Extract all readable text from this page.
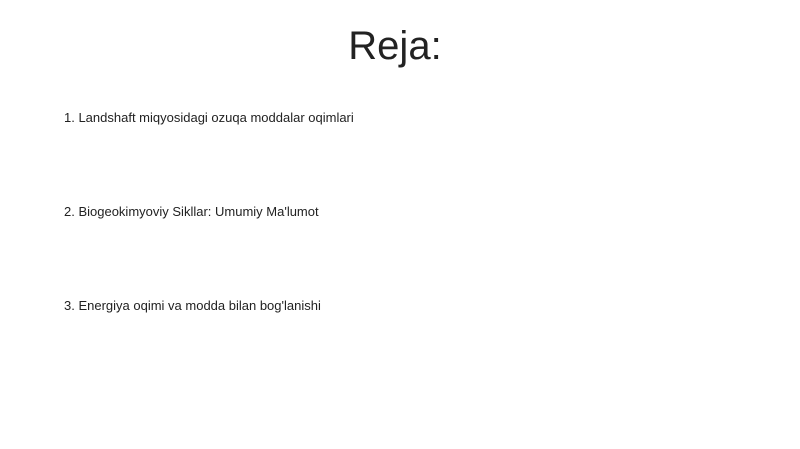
Reja:
1. Landshaft miqyosidagi ozuqa moddalar oqimlari
2. Biogeokimyoviy Sikllar: Umumiy Ma'lumot
3. Energiya oqimi va modda bilan bog'lanishi
